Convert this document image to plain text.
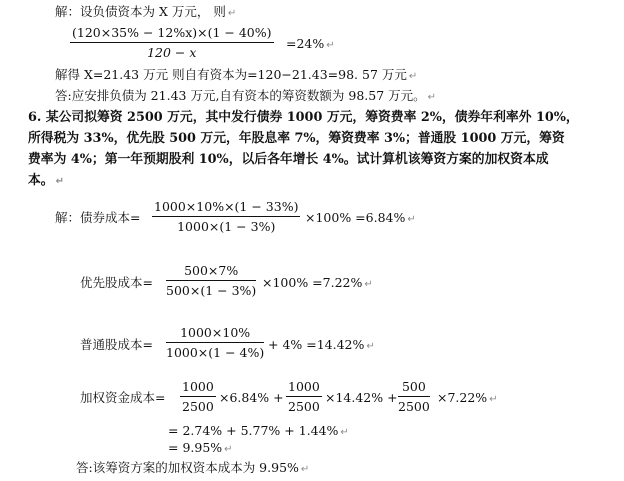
解：设负债资本为 X 万元， 则 ↵
(120×35% − 12%x)×(1 − 40%)
120 − x
=24% ↵
解得 X=21.43 万元 则自有资本为=120−21.43=98. 57 万元 ↵
答:应安排负债为 21.43 万元,自有资本的筹资数额为 98.57 万元。 ↵
6. 某公司拟筹资 2500 万元，其中发行债券 1000 万元，筹资费率 2%，债券年利率外 10%，
所得税为 33%，优先股 500 万元，年股息率 7%，筹资费率 3%；普通股 1000 万元，筹资
费率为 4%；第一年预期股利 10%，以后各年增长 4%。试计算机该筹资方案的加权资本成
本。 ↵
解：债券成本=
1000×10%×(1 − 33%)
1000×(1 − 3%)
×100% =6.84% ↵
优先股成本=
500×7%
500×(1 − 3%)
×100% =7.22% ↵
普通股成本=
1000×10%
1000×(1 − 4%)
+ 4% =14.42% ↵
加权资金成本=
1000
2500
×6.84% +
1000
2500
×14.42% +
500
2500
×7.22% ↵
= 2.74% + 5.77% + 1.44% ↵
= 9.95% ↵
答:该筹资方案的加权资本成本为 9.95% ↵
